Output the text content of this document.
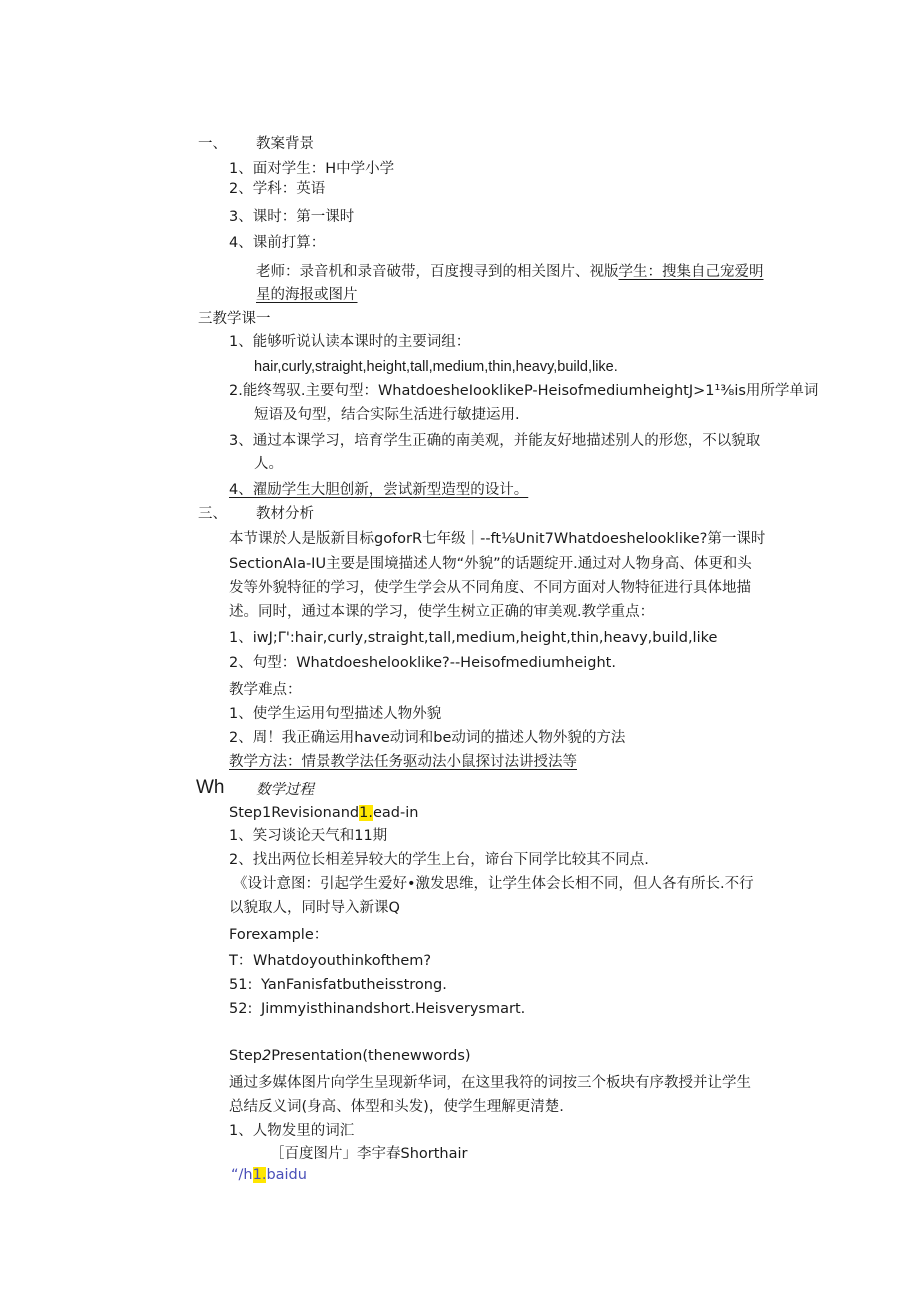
一、 教案背景
1、面对学生：H中学小学
2、学科：英语
3、课时：第一课时
4、课前打算：
老师：录音机和录音破带，百度搜寻到的相关图片、视版学生：搜集自己宠爱明
星的海报或图片
三教学课一
1、能够听说认读本课时的主要词组：
hair,curly,straight,height,tall,medium,thin,heavy,build,like.
2.能终驾驭.主要句型：WhatdoesheIooklikeP-HeisofmediumheightJ>1¹⅜is用所学单词
短语及句型，结合实际生活进行敏捷运用.
3、通过本课学习，培育学生正确的南美观，并能友好地描述别人的形您，不以貌取
人。
4、濯励学生大胆创新，尝试新型造型的设计。
三、 教材分析
本节课於人是版新目标goforR七年级｜--ft⅛Unit7Whatdoeshelooklike?第一课时
SectionAIa-IU主要是围境描述人物“外貌”的话题绽开.通过对人物身高、体更和头
发等外貌特征的学习，使学生学会从不同角度、不同方面对人物特征进行具体地描
述。同时，通过本课的学习，使学生树立正确的审美观.教学重点：
1、iwJ;Γ':hair,curly,straight,tall,medium,height,thin,heavy,build,like
2、句型：Whatdoeshelooklike?--Heisofmediumheight.
教学难点：
1、使学生运用句型描述人物外貌
2、周！我正确运用have动词和be动词的描述人物外貌的方法
教学方法：情景教学法任务驱动法小鼠探讨法讲授法等
Wh 数学过程
Step1Revisionand1.ead-in
1、笑习谈论天气和11期
2、找出两位长相差异较大的学生上台，谛台下同学比较其不同点.
《设计意图：引起学生爱好•激发思维，让学生体会长相不同，但人各有所长.不行
以貌取人，同时导入新课Q
Forexample：
T： Whatdoyouthinkofthem?
51: YanFanisfatbutheisstrong.
52: Jimmyisthinandshort.Heisverysmart.
Step2Presentation(thenewwords)
通过多媒体图片向学生呈现新华词，在这里我符的词按三个板块有序教授并让学生
总结反义词(身高、体型和头发)，使学生理解更清楚.
1、人物发里的词汇
［百度图片」李宇春Shorthair
“/h1.baidu
